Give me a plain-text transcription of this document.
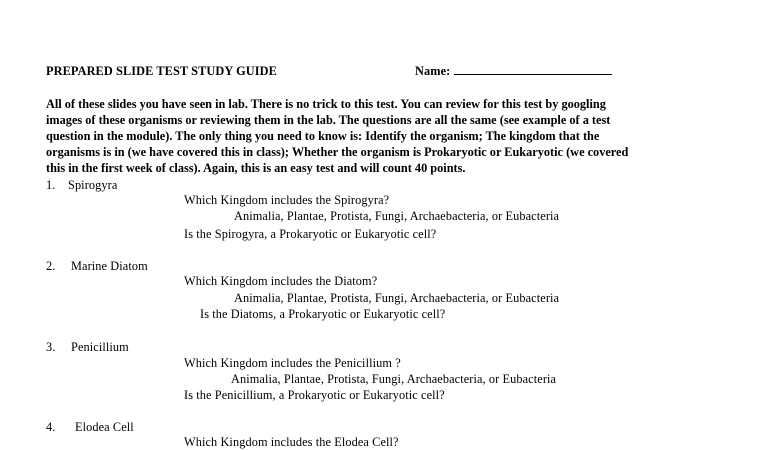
PREPARED SLIDE TEST STUDY GUIDE	Name:
All of these slides you have seen in lab. There is no trick to this test. You can review for this test by googling
images of these organisms or reviewing them in the lab. The questions are all the same (see example of a test
question in the module). The only thing you need to know is: Identify the organism; The kingdom that the
organisms is in (we have covered this in class); Whether the organism is Prokaryotic or Eukaryotic (we covered
this in the first week of class). Again, this is an easy test and will count 40 points.
1. Spirogyra
Which Kingdom includes the Spirogyra?
Animalia, Plantae, Protista, Fungi, Archaebacteria, or Eubacteria
Is the Spirogyra, a Prokaryotic or Eukaryotic cell?
2. Marine Diatom
Which Kingdom includes the Diatom?
Animalia, Plantae, Protista, Fungi, Archaebacteria, or Eubacteria
Is the Diatoms, a Prokaryotic or Eukaryotic cell?
3. Penicillium
Which Kingdom includes the Penicillium ?
Animalia, Plantae, Protista, Fungi, Archaebacteria, or Eubacteria
Is the Penicillium, a Prokaryotic or Eukaryotic cell?
4. Elodea Cell
Which Kingdom includes the Elodea Cell?
